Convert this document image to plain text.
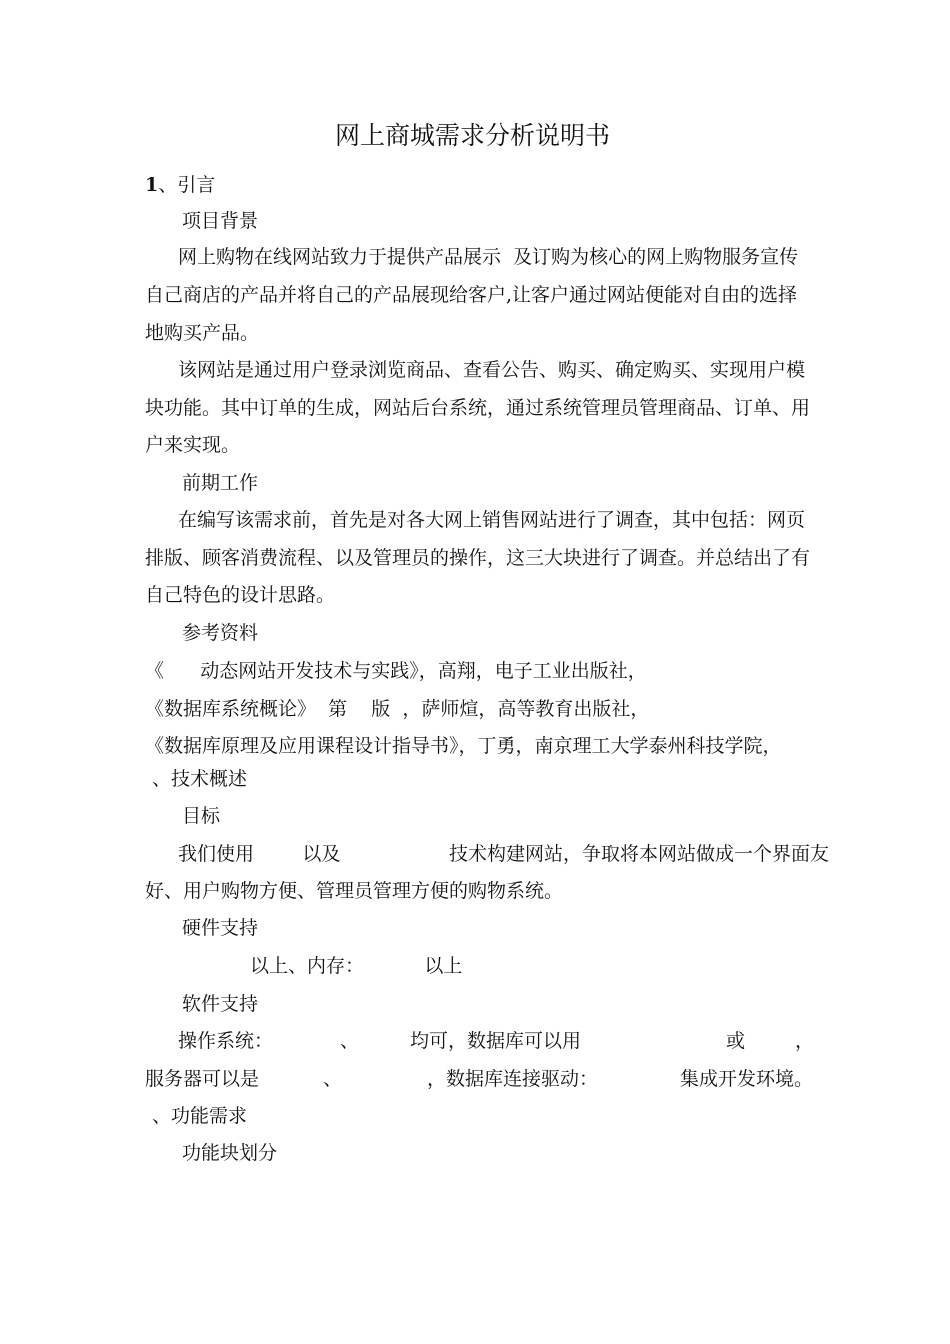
网上商城需求分析说明书
1、引言
项目背景
网上购物在线网站致力于提供产品展示  及订购为核心的网上购物服务宣传
自己商店的产品并将自己的产品展现给客户,让客户通过网站便能对自由的选择
地购买产品。
该网站是通过用户登录浏览商品、查看公告、购买、确定购买、实现用户模
块功能。其中订单的生成，网站后台系统，通过系统管理员管理商品、订单、用
户来实现。
前期工作
在编写该需求前，首先是对各大网上销售网站进行了调查，其中包括：网页
排版、顾客消费流程、以及管理员的操作，这三大块进行了调查。并总结出了有
自己特色的设计思路。
参考资料
《      动态网站开发技术与实践》，高翔，电子工业出版社，
《数据库系统概论》  第    版  ，萨师煊，高等教育出版社，
《数据库原理及应用课程设计指导书》，丁勇，南京理工大学泰州科技学院，
、技术概述
目标
我们使用        以及                  技术构建网站，争取将本网站做成一个界面友
好、用户购物方便、管理员管理方便的购物系统。
硬件支持
以上、内存：          以上
软件支持
操作系统：	、	均可，数据库可以用	或	，
服务器可以是	、	，数据库连接驱动：	集成开发环境。
、功能需求
功能块划分
